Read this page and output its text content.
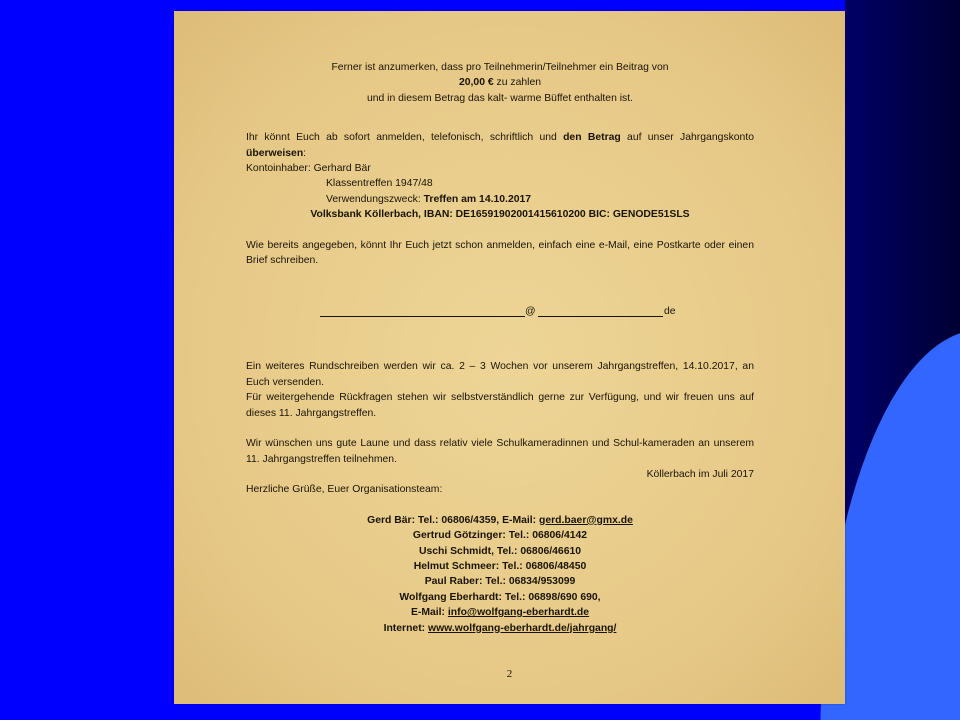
2

Ferner ist anzumerken, dass pro Teilnehmerin/Teilnehmer ein Beitrag von

20,00 € zu zahlen

und in diesem Betrag das kalt- warme Büffet enthalten ist.

Ihr könnt Euch ab sofort anmelden, telefonisch, schriftlich und den Betrag auf unser Jahrgangskonto überweisen:

Kontoinhaber: Gerhard Bär

Klassentreffen 1947/48

Verwendungszweck: Treffen am 14.10.2017

Volksbank Köllerbach, IBAN: DE16591902001415610200 BIC: GENODE51SLS

Wie bereits angegeben, könnt Ihr Euch jetzt schon anmelden, einfach eine e-Mail, eine Postkarte oder einen Brief schreiben.

@	de

Ein weiteres Rundschreiben werden wir ca. 2 – 3 Wochen vor unserem Jahrgangstreffen, 14.10.2017, an Euch versenden.

Für weitergehende Rückfragen stehen wir selbstverständlich gerne zur Verfügung, und wir freuen uns auf dieses 11. Jahrgangstreffen.

Wir wünschen uns gute Laune und dass relativ viele Schulkameradinnen und Schul-kameraden an unserem 11. Jahrgangstreffen teilnehmen.

Köllerbach im Juli 2017

Herzliche Grüße, Euer Organisationsteam:

Gerd Bär: Tel.: 06806/4359, E-Mail: gerd.baer@gmx.de

Gertrud Götzinger: Tel.: 06806/4142

Uschi Schmidt, Tel.: 06806/46610

Helmut Schmeer: Tel.: 06806/48450

Paul Raber: Tel.: 06834/953099

Wolfgang Eberhardt: Tel.: 06898/690 690,

E-Mail: info@wolfgang-eberhardt.de

Internet: www.wolfgang-eberhardt.de/jahrgang/
